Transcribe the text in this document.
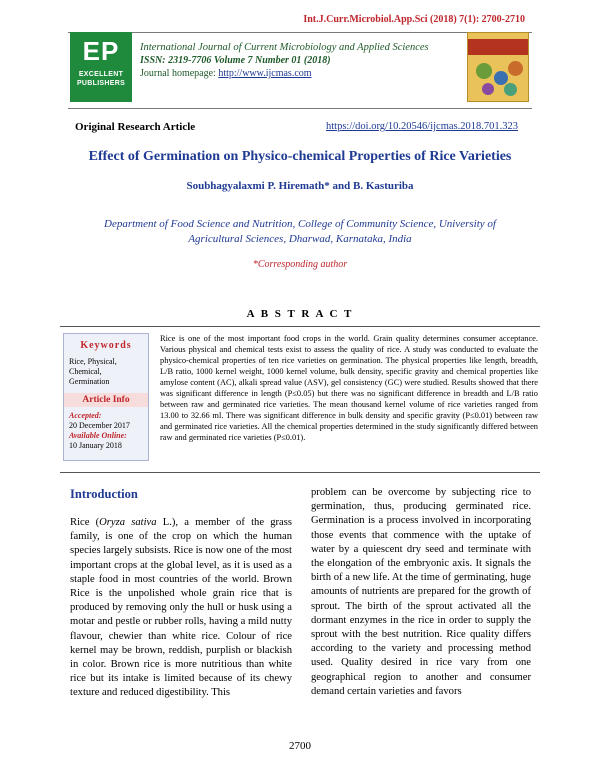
Int.J.Curr.Microbiol.App.Sci (2018) 7(1): 2700-2710
EP
EXCELLENT
PUBLISHERS
International Journal of Current Microbiology and Applied Sciences
ISSN: 2319-7706 Volume 7 Number 01 (2018)
Journal homepage: http://www.ijcmas.com
Original Research Article	https://doi.org/10.20546/ijcmas.2018.701.323
Effect of Germination on Physico-chemical Properties of Rice Varieties
Soubhagyalaxmi P. Hiremath* and B. Kasturiba
Department of Food Science and Nutrition, College of Community Science, University of Agricultural Sciences, Dharwad, Karnataka, India
*Corresponding author
A B S T R A C T
Keywords
Rice, Physical,
Chemical,
Germination
Article Info
Accepted:
20 December 2017
Available Online:
10 January 2018
Rice is one of the most important food crops in the world. Grain quality determines consumer acceptance. Various physical and chemical tests exist to assess the quality of rice. A study was conducted to evaluate the physico-chemical properties of ten rice varieties on germination. The physical properties like length, breadth, L/B ratio, 1000 kernel weight, 1000 kernel volume, bulk density, specific gravity and chemical properties like amylose content (AC), alkali spread value (ASV), gel consistency (GC) were studied. Results showed that there was significant difference in length (P≤0.05) but there was no significant difference in breadth and L/B ratio between raw and germinated rice varieties. The mean thousand kernel volume of rice varieties ranged from 13.00 to 32.66 ml. There was significant difference in bulk density and specific gravity (P≤0.01) between raw and germinated rice varieties. All the chemical properties determined in the study significantly differed between raw and germinated rice varieties (P≤0.01).
Introduction
Rice (Oryza sativa L.), a member of the grass family, is one of the crop on which the human species largely subsists. Rice is now one of the most important crops at the global level, as it is used as a staple food in most countries of the world. Brown Rice is the unpolished whole grain rice that is produced by removing only the hull or husk using a motar and pestle or rubber rolls, having a mild nutty flavour, chewier than white rice. Colour of rice kernel may be brown, reddish, purplish or blackish in color. Brown rice is more nutritious than white rice but its intake is limited because of its chewy texture and reduced digestibility. This
problem can be overcome by subjecting rice to germination, thus, producing germinated rice. Germination is a process involved in incorporating those events that commence with the uptake of water by a quiescent dry seed and terminate with the elongation of the embryonic axis. It signals the birth of a new life. At the time of germinating, huge amounts of nutrients are prepared for the growth of sprout. The birth of the sprout activated all the dormant enzymes in the rice in order to supply the sprout with the best nutrition. Rice quality differs according to the variety and processing method used. Quality desired in rice vary from one geographical region to another and consumer demand certain varieties and favors
2700
